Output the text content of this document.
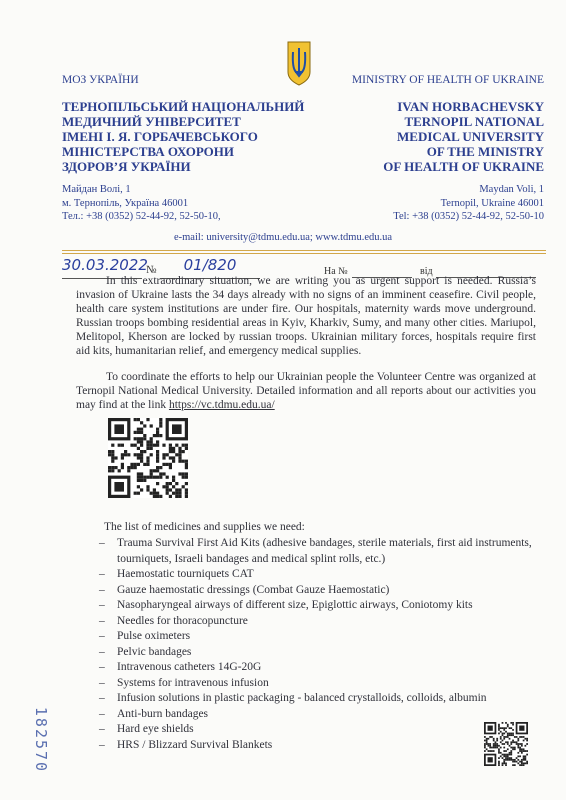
МОЗ УКРАЇНИ
ТЕРНОПІЛЬСЬКИЙ НАЦІОНАЛЬНИЙ
МЕДИЧНИЙ УНІВЕРСИТЕТ
ІМЕНІ І. Я. ГОРБАЧЕВСЬКОГО
МІНІСТЕРСТВА ОХОРОНИ
ЗДОРОВ’Я УКРАЇНИ
MINISTRY OF HEALTH OF UKRAINE
IVAN HORBACHEVSKY
TERNOPIL NATIONAL
MEDICAL UNIVERSITY
OF THE MINISTRY
OF HEALTH OF UKRAINE
Майдан Волі, 1
м. Тернопіль, Україна 46001
Тел.: +38 (0352) 52-44-92, 52-50-10,
Maydan Voli, 1
Ternopil, Ukraine 46001
Tel: +38 (0352) 52-44-92, 52-50-10
e-mail: university@tdmu.edu.ua; www.tdmu.edu.ua
30.03.2022
№	01/820	На №	від
In this extraordinary situation, we are writing you as urgent support is needed. Russia’s invasion of Ukraine lasts the 34 days already with no signs of an imminent ceasefire. Civil people, health care system institutions are under fire. Our hospitals, maternity wards move underground. Russian troops bombing residential areas in Kyiv, Kharkiv, Sumy, and many other cities. Mariupol, Melitopol, Kherson are locked by russian troops. Ukrainian military forces, hospitals require first aid kits, humanitarian relief, and emergency medical supplies.
To coordinate the efforts to help our Ukrainian people the Volunteer Centre was organized at Ternopil National Medical University. Detailed information and all reports about our activities you may find at the link https://vc.tdmu.edu.ua/
The list of medicines and supplies we need:
– Trauma Survival First Aid Kits (adhesive bandages, sterile materials, first aid instruments, tourniquets, Israeli bandages and medical splint rolls, etc.)
– Haemostatic tourniquets CAT
– Gauze haemostatic dressings (Combat Gauze Haemostatic)
– Nasopharyngeal airways of different size, Epiglottic airways, Coniotomy kits
– Needles for thoracopuncture
– Pulse oximeters
– Pelvic bandages
– Intravenous catheters 14G-20G
– Systems for intravenous infusion
– Infusion solutions in plastic packaging - balanced crystalloids, colloids, albumin
– Anti-burn bandages
– Hard eye shields
– HRS / Blizzard Survival Blankets
182570
